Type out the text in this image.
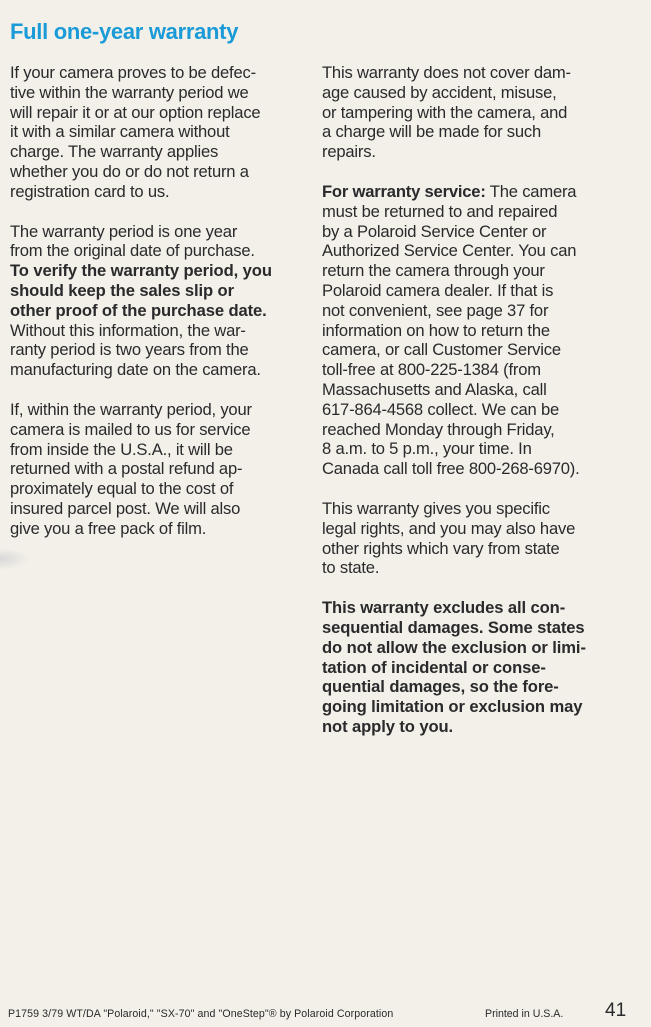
Full one-year warranty

If your camera proves to be defec-
tive within the warranty period we
will repair it or at our option replace
it with a similar camera without
charge. The warranty applies
whether you do or do not return a
registration card to us.

The warranty period is one year
from the original date of purchase.
To verify the warranty period, you
should keep the sales slip or
other proof of the purchase date.
Without this information, the war-
ranty period is two years from the
manufacturing date on the camera.

If, within the warranty period, your
camera is mailed to us for service
from inside the U.S.A., it will be
returned with a postal refund ap-
proximately equal to the cost of
insured parcel post. We will also
give you a free pack of film.

This warranty does not cover dam-
age caused by accident, misuse,
or tampering with the camera, and
a charge will be made for such
repairs.

For warranty service: The camera
must be returned to and repaired
by a Polaroid Service Center or
Authorized Service Center. You can
return the camera through your
Polaroid camera dealer. If that is
not convenient, see page 37 for
information on how to return the
camera, or call Customer Service
toll-free at 800-225-1384 (from
Massachusetts and Alaska, call
617-864-4568 collect. We can be
reached Monday through Friday,
8 a.m. to 5 p.m., your time. In
Canada call toll free 800-268-6970).

This warranty gives you specific
legal rights, and you may also have
other rights which vary from state
to state.

This warranty excludes all con-
sequential damages. Some states
do not allow the exclusion or limi-
tation of incidental or conse-
quential damages, so the fore-
going limitation or exclusion may
not apply to you.

P1759 3/79 WT/DA "Polaroid," "SX-70" and "OneStep"® by Polaroid Corporation	Printed in U.S.A. 41
